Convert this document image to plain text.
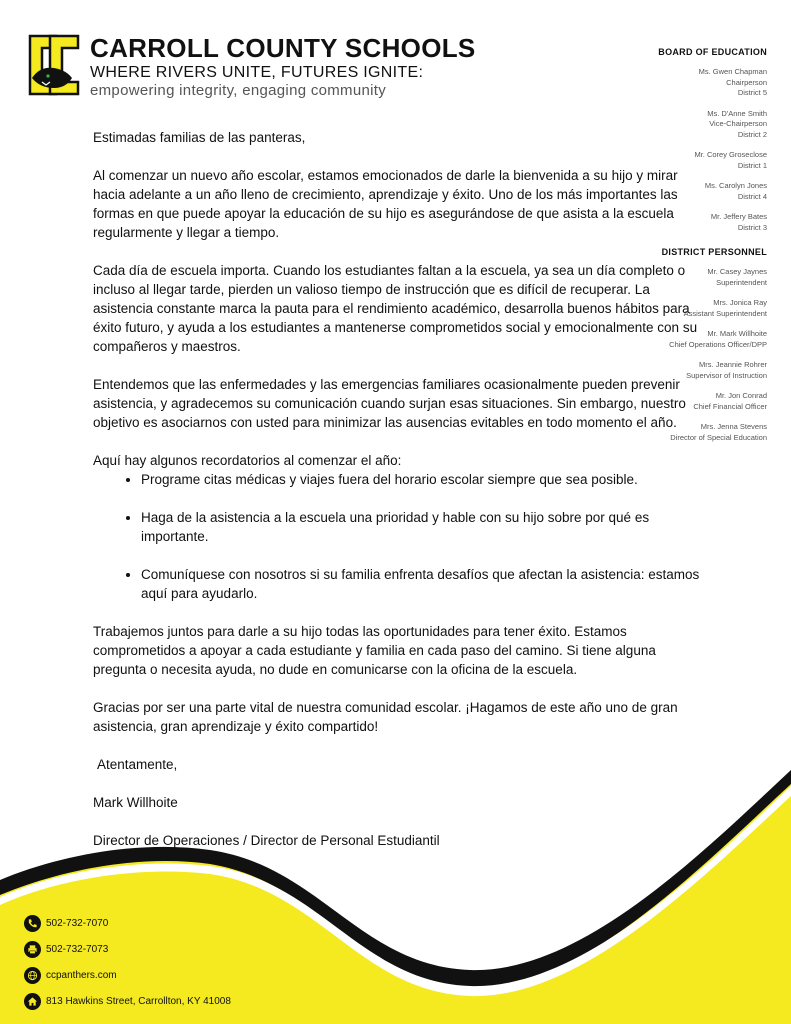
CARROLL COUNTY SCHOOLS
WHERE RIVERS UNITE, FUTURES IGNITE:
empowering integrity, engaging community
BOARD OF EDUCATION
Ms. Gwen Chapman
Chairperson
District 5
Ms. D'Anne Smith
Vice-Chairperson
District 2
Mr. Corey Groseclose
District 1
Ms. Carolyn Jones
District 4
Mr. Jeffery Bates
District 3
DISTRICT PERSONNEL
Mr. Casey Jaynes
Superintendent
Mrs. Jonica Ray
Assistant Superintendent
Mr. Mark Willhoite
Chief Operations Officer/DPP
Mrs. Jeannie Rohrer
Supervisor of Instruction
Mr. Jon Conrad
Chief Financial Officer
Mrs. Jenna Stevens
Director of Special Education

Estimadas familias de las panteras,

Al comenzar un nuevo año escolar, estamos emocionados de darle la bienvenida a su hijo y mirar hacia adelante a un año lleno de crecimiento, aprendizaje y éxito. Uno de los más importantes las formas en que puede apoyar la educación de su hijo es asegurándose de que asista a la escuela regularmente y llegar a tiempo.

Cada día de escuela importa. Cuando los estudiantes faltan a la escuela, ya sea un día completo o incluso al llegar tarde, pierden un valioso tiempo de instrucción que es difícil de recuperar. La asistencia constante marca la pauta para el rendimiento académico, desarrolla buenos hábitos para éxito futuro, y ayuda a los estudiantes a mantenerse comprometidos social y emocionalmente con su compañeros y maestros.

Entendemos que las enfermedades y las emergencias familiares ocasionalmente pueden prevenir asistencia, y agradecemos su comunicación cuando surjan esas situaciones. Sin embargo, nuestro objetivo es asociarnos con usted para minimizar las ausencias evitables en todo momento el año.

Aquí hay algunos recordatorios al comenzar el año:

• Programe citas médicas y viajes fuera del horario escolar siempre que sea posible.
• Haga de la asistencia a la escuela una prioridad y hable con su hijo sobre por qué es importante.
• Comuníquese con nosotros si su familia enfrenta desafíos que afectan la asistencia: estamos aquí para ayudarlo.

Trabajemos juntos para darle a su hijo todas las oportunidades para tener éxito. Estamos comprometidos a apoyar a cada estudiante y familia en cada paso del camino. Si tiene alguna pregunta o necesita ayuda, no dude en comunicarse con la oficina de la escuela.

Gracias por ser una parte vital de nuestra comunidad escolar. ¡Hagamos de este año uno de gran asistencia, gran aprendizaje y éxito compartido!

Atentamente,

Mark Willhoite

Director de Operaciones / Director de Personal Estudiantil

502-732-7070
502-732-7073
ccpanthers.com
813 Hawkins Street, Carrollton, KY 41008
